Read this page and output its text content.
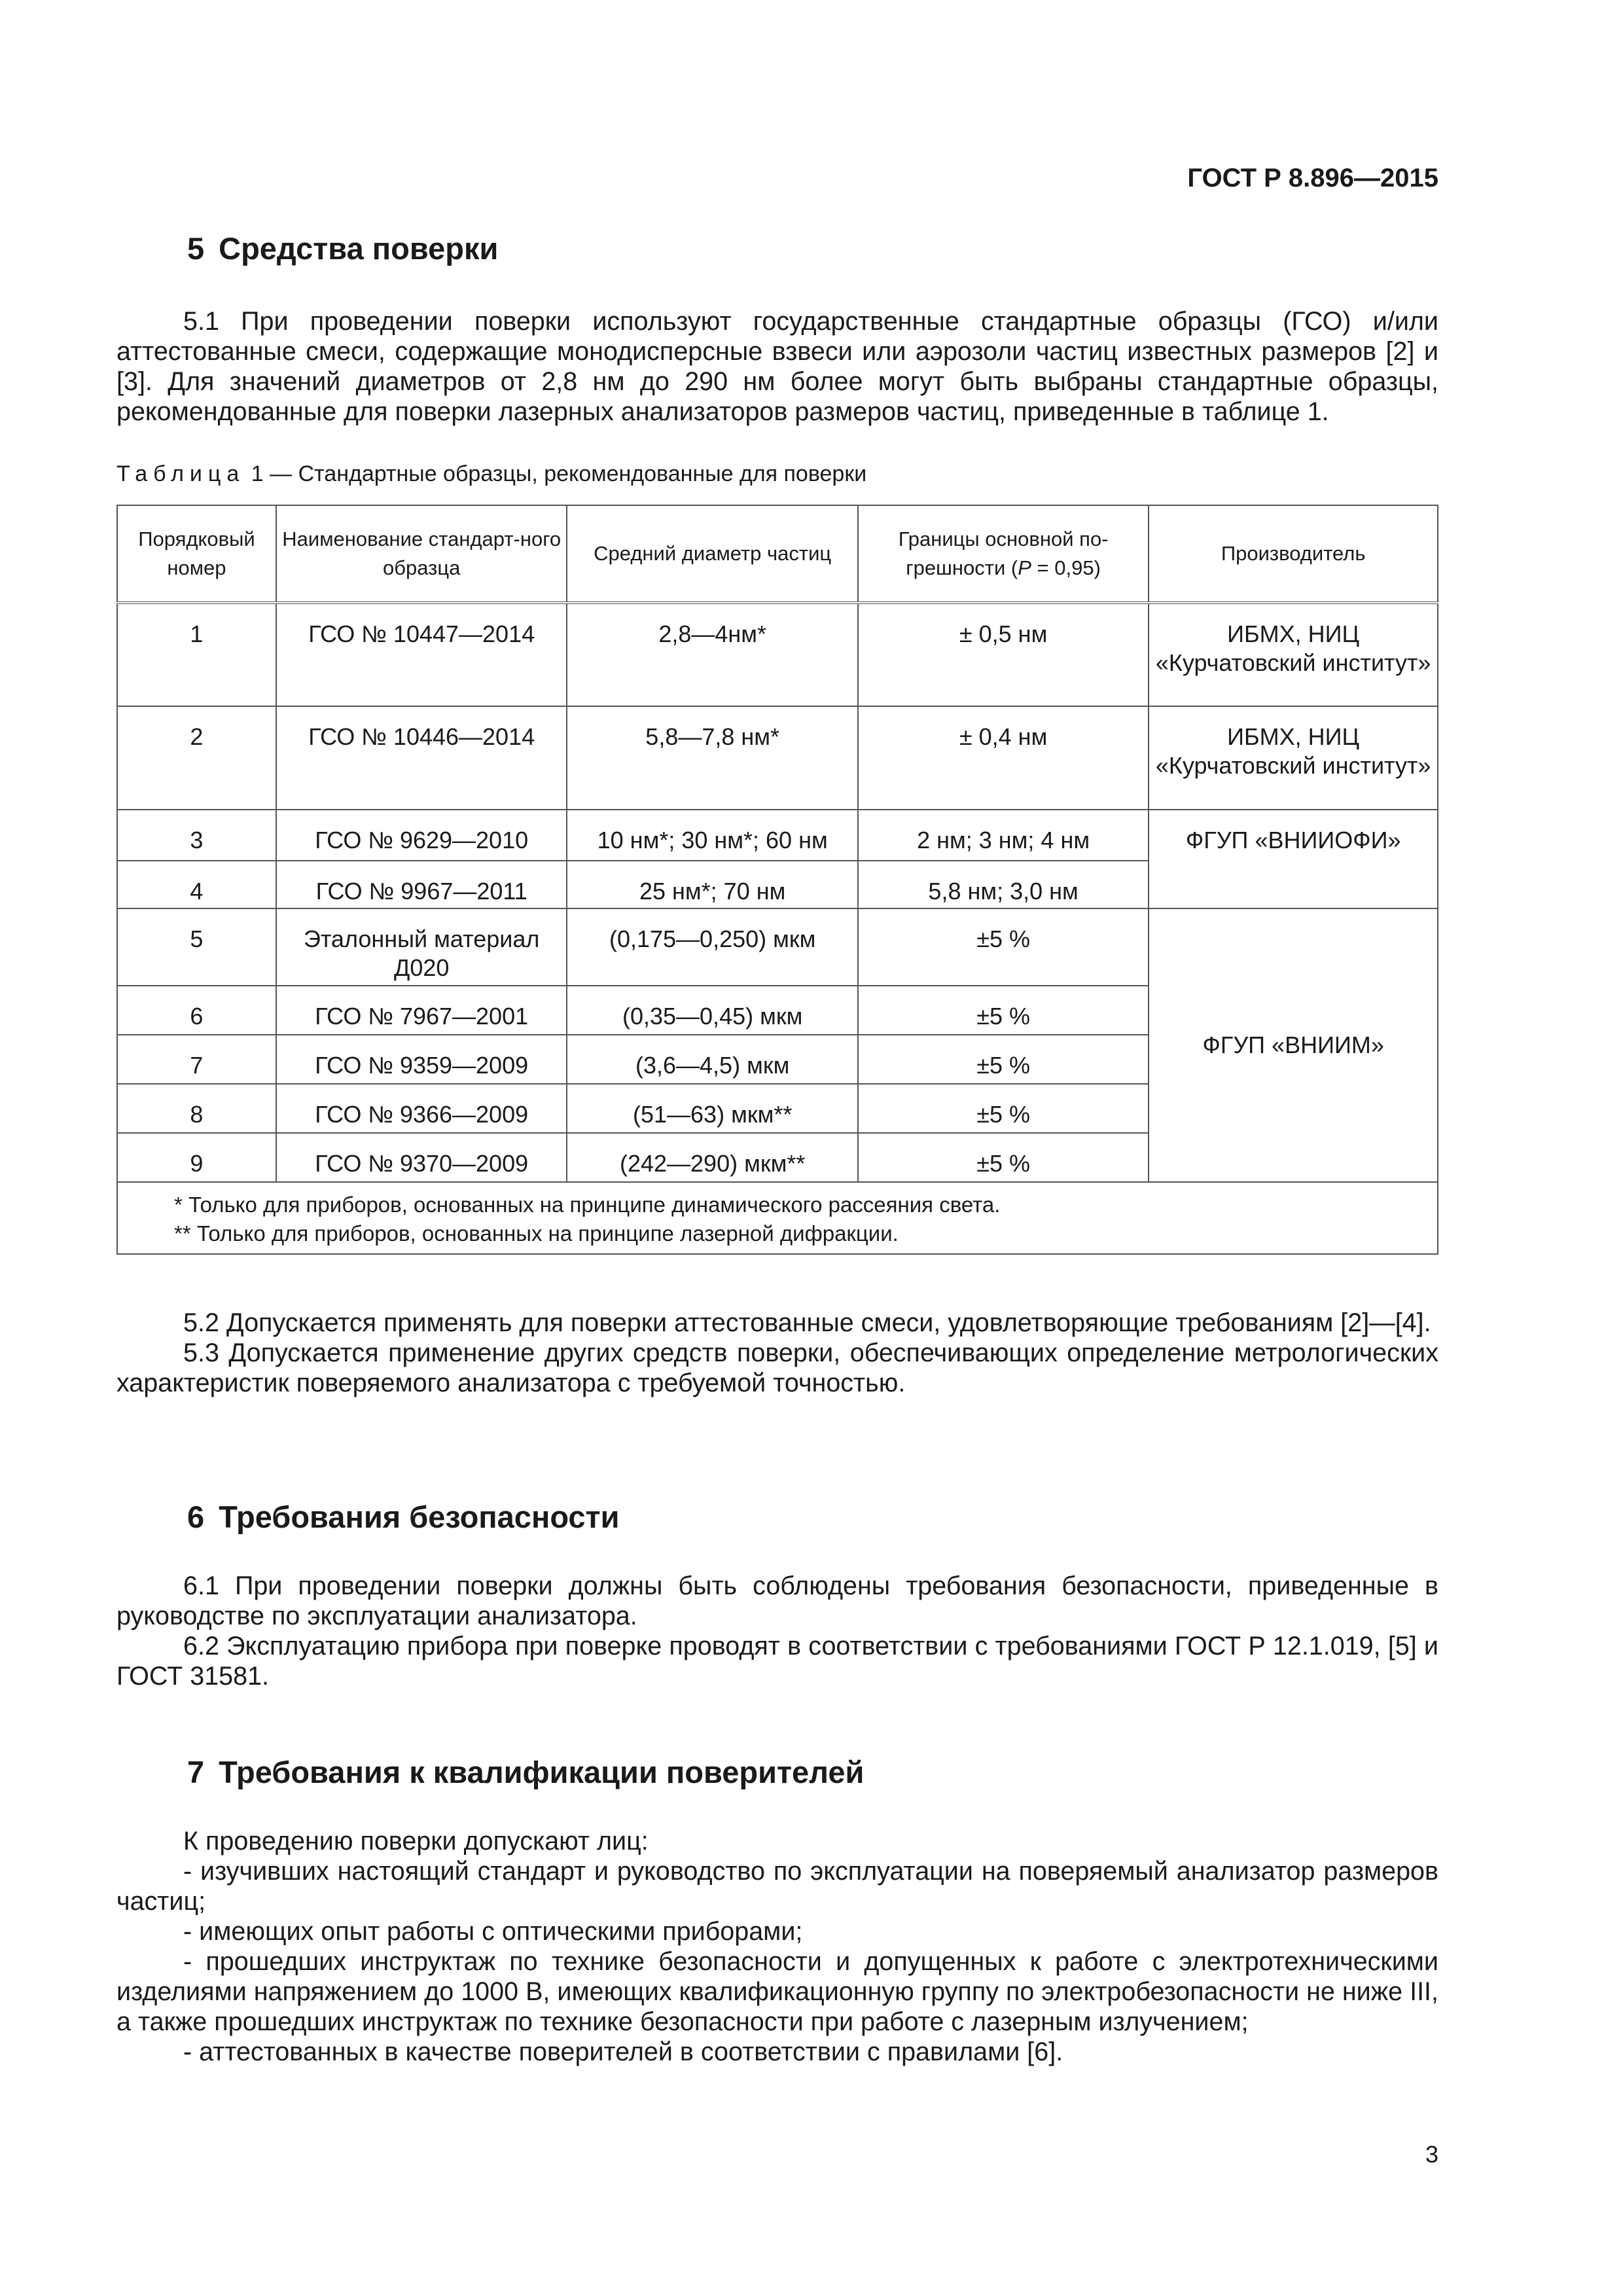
ГОСТ Р 8.896—2015
5 Средства поверки

5.1 При проведении поверки используют государственные стандартные образцы (ГСО) и/или аттестованные смеси, содержащие монодисперсные взвеси или аэрозоли частиц известных размеров [2] и [3]. Для значений диаметров от 2,8 нм до 290 нм более могут быть выбраны стандартные образцы, рекомендованные для поверки лазерных анализаторов размеров частиц, приведенные в таблице 1.

Таблица 1 — Стандартные образцы, рекомендованные для поверки
Порядковый номер	Наименование стандарт-ного образца	Средний диаметр частиц	Границы основной по-грешности (P = 0,95)	Производитель
1	ГСО № 10447—2014	2,8—4нм*	± 0,5 нм	ИБМХ, НИЦ «Курчатовский институт»
2	ГСО № 10446—2014	5,8—7,8 нм*	± 0,4 нм	ИБМХ, НИЦ «Курчатовский институт»
3	ГСО № 9629—2010	10 нм*; 30 нм*; 60 нм	2 нм; 3 нм; 4 нм	ФГУП «ВНИИОФИ»
4	ГСО № 9967—2011	25 нм*; 70 нм	5,8 нм; 3,0 нм	
5	Эталонный материал Д020	(0,175—0,250) мкм	±5 %	ФГУП «ВНИИМ»
6	ГСО № 7967—2001	(0,35—0,45) мкм	±5 %	
7	ГСО № 9359—2009	(3,6—4,5) мкм	±5 %	
8	ГСО № 9366—2009	(51—63) мкм**	±5 %	
9	ГСО № 9370—2009	(242—290) мкм**	±5 %	

* Только для приборов, основанных на принципе динамического рассеяния света.
** Только для приборов, основанных на принципе лазерной дифракции.				

5.2 Допускается применять для поверки аттестованные смеси, удовлетворяющие требованиям [2]—[4].

5.3 Допускается применение других средств поверки, обеспечивающих определение метрологических характеристик поверяемого анализатора с требуемой точностью.

6 Требования безопасности

6.1 При проведении поверки должны быть соблюдены требования безопасности, приведенные в руководстве по эксплуатации анализатора.

6.2 Эксплуатацию прибора при поверке проводят в соответствии с требованиями ГОСТ Р 12.1.019, [5] и ГОСТ 31581.

7 Требования к квалификации поверителей

К проведению поверки допускают лиц:

- изучивших настоящий стандарт и руководство по эксплуатации на поверяемый анализатор размеров частиц;

- имеющих опыт работы с оптическими приборами;

- прошедших инструктаж по технике безопасности и допущенных к работе с электротехническими изделиями напряжением до 1000 В, имеющих квалификационную группу по электробезопасности не ниже III, а также прошедших инструктаж по технике безопасности при работе с лазерным излучением;

- аттестованных в качестве поверителей в соответствии с правилами [6].

3
